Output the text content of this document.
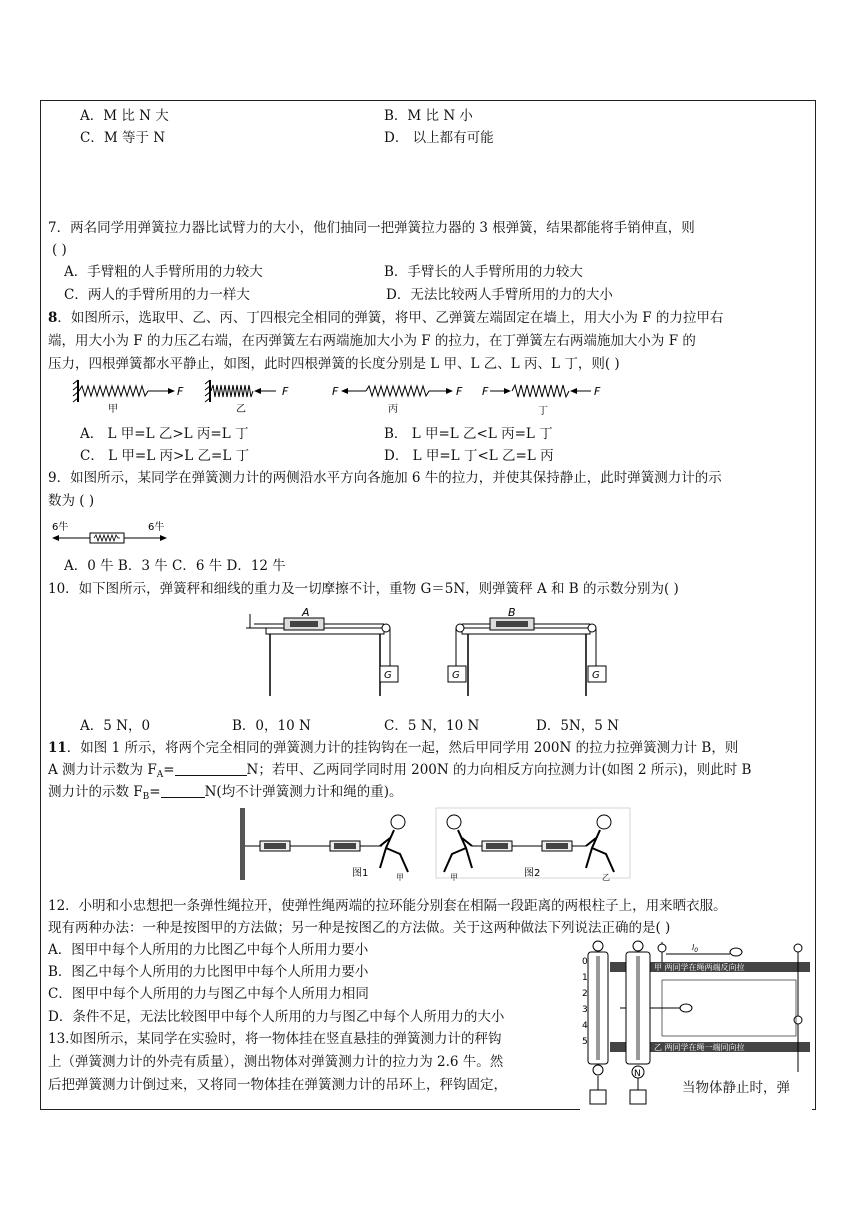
A．M 比 N 大	B．M 比 N 小
C．M 等于 N	D． 以上都有可能
7．两名同学用弹簧拉力器比试臂力的大小，他们抽同一把弹簧拉力器的 3 根弹簧，结果都能将手销伸直，则
( )
A．手臂粗的人手臂所用的力较大	B．手臂长的人手臂所用的力较大
C．两人的手臂所用的力一样大	D．无法比较两人手臂所用的力的大小
8．如图所示，选取甲、乙、丙、丁四根完全相同的弹簧，将甲、乙弹簧左端固定在墙上，用大小为 F 的力拉甲右
端，用大小为 F 的力压乙右端，在丙弹簧左右两端施加大小为 F 的拉力，在丁弹簧左右两端施加大小为 F 的
压力，四根弹簧都水平静止，如图，此时四根弹簧的长度分别是 L 甲、L 乙、L 丙、L 丁，则( )
F
甲
F
乙
F	F
丙
F	F
丁
A． L 甲=L 乙>L 丙=L 丁	B． L 甲=L 乙<L 丙=L 丁
C． L 甲=L 丙>L 乙=L 丁	D． L 甲=L 丁<L 乙=L 丙
9．如图所示，某同学在弹簧测力计的两侧沿水平方向各施加 6 牛的拉力，并使其保持静止，此时弹簧测力计的示
数为 ( )
6牛	6牛
A．0 牛 B．3 牛 C．6 牛 D．12 牛
10．如下图所示，弹簧秤和细线的重力及一切摩擦不计，重物 G＝5N，则弹簧秤 A 和 B 的示数分别为( )
A
G	G
B
G
A．5 N，0	B．0，10 N	C．5 N，10 N	D．5N，5 N
11．如图 1 所示，将两个完全相同的弹簧测力计的挂钩钩在一起，然后甲同学用 200N 的拉力拉弹簧测力计 B，则
A 测力计示数为 $F_A=$	N；若甲、乙两同学同时用 200N 的力向相反方向拉测力计(如图 2 所示)，则此时 B
测力计的示数 $F_B=$	N(均不计弹簧测力计和绳的重)。
图1	甲	图2
甲	乙
12．小明和小忠想把一条弹性绳拉开，使弹性绳两端的拉环能分别套在相隔一段距离的两根柱子上，用来晒衣服。
现有两种办法：一种是按图甲的方法做；另一种是按图乙的方法做。关于这两种做法下列说法正确的是( )
A．图甲中每个人所用的力比图乙中每个人所用力要小
B．图乙中每个人所用的力比图甲中每个人所用力要小
C．图甲中每个人所用的力与图乙中每个人所用力相同
D．条件不足，无法比较图甲中每个人所用的力与图乙中每个人所用力的大小
13.如图所示，某同学在实验时，将一物体挂在竖直悬挂的弹簧测力计的秤钩
上（弹簧测力计的外壳有质量），测出物体对弹簧测力计的拉力为 2.6 牛。然
后把弹簧测力计倒过来，又将同一物体挂在弹簧测力计的吊环上，秤钩固定，
甲 两同学在绳两端反向拉
乙 两同学在绳一端同向拉
$l_0$
N
0
1
2
3
4
5
当物体静止时，弹
